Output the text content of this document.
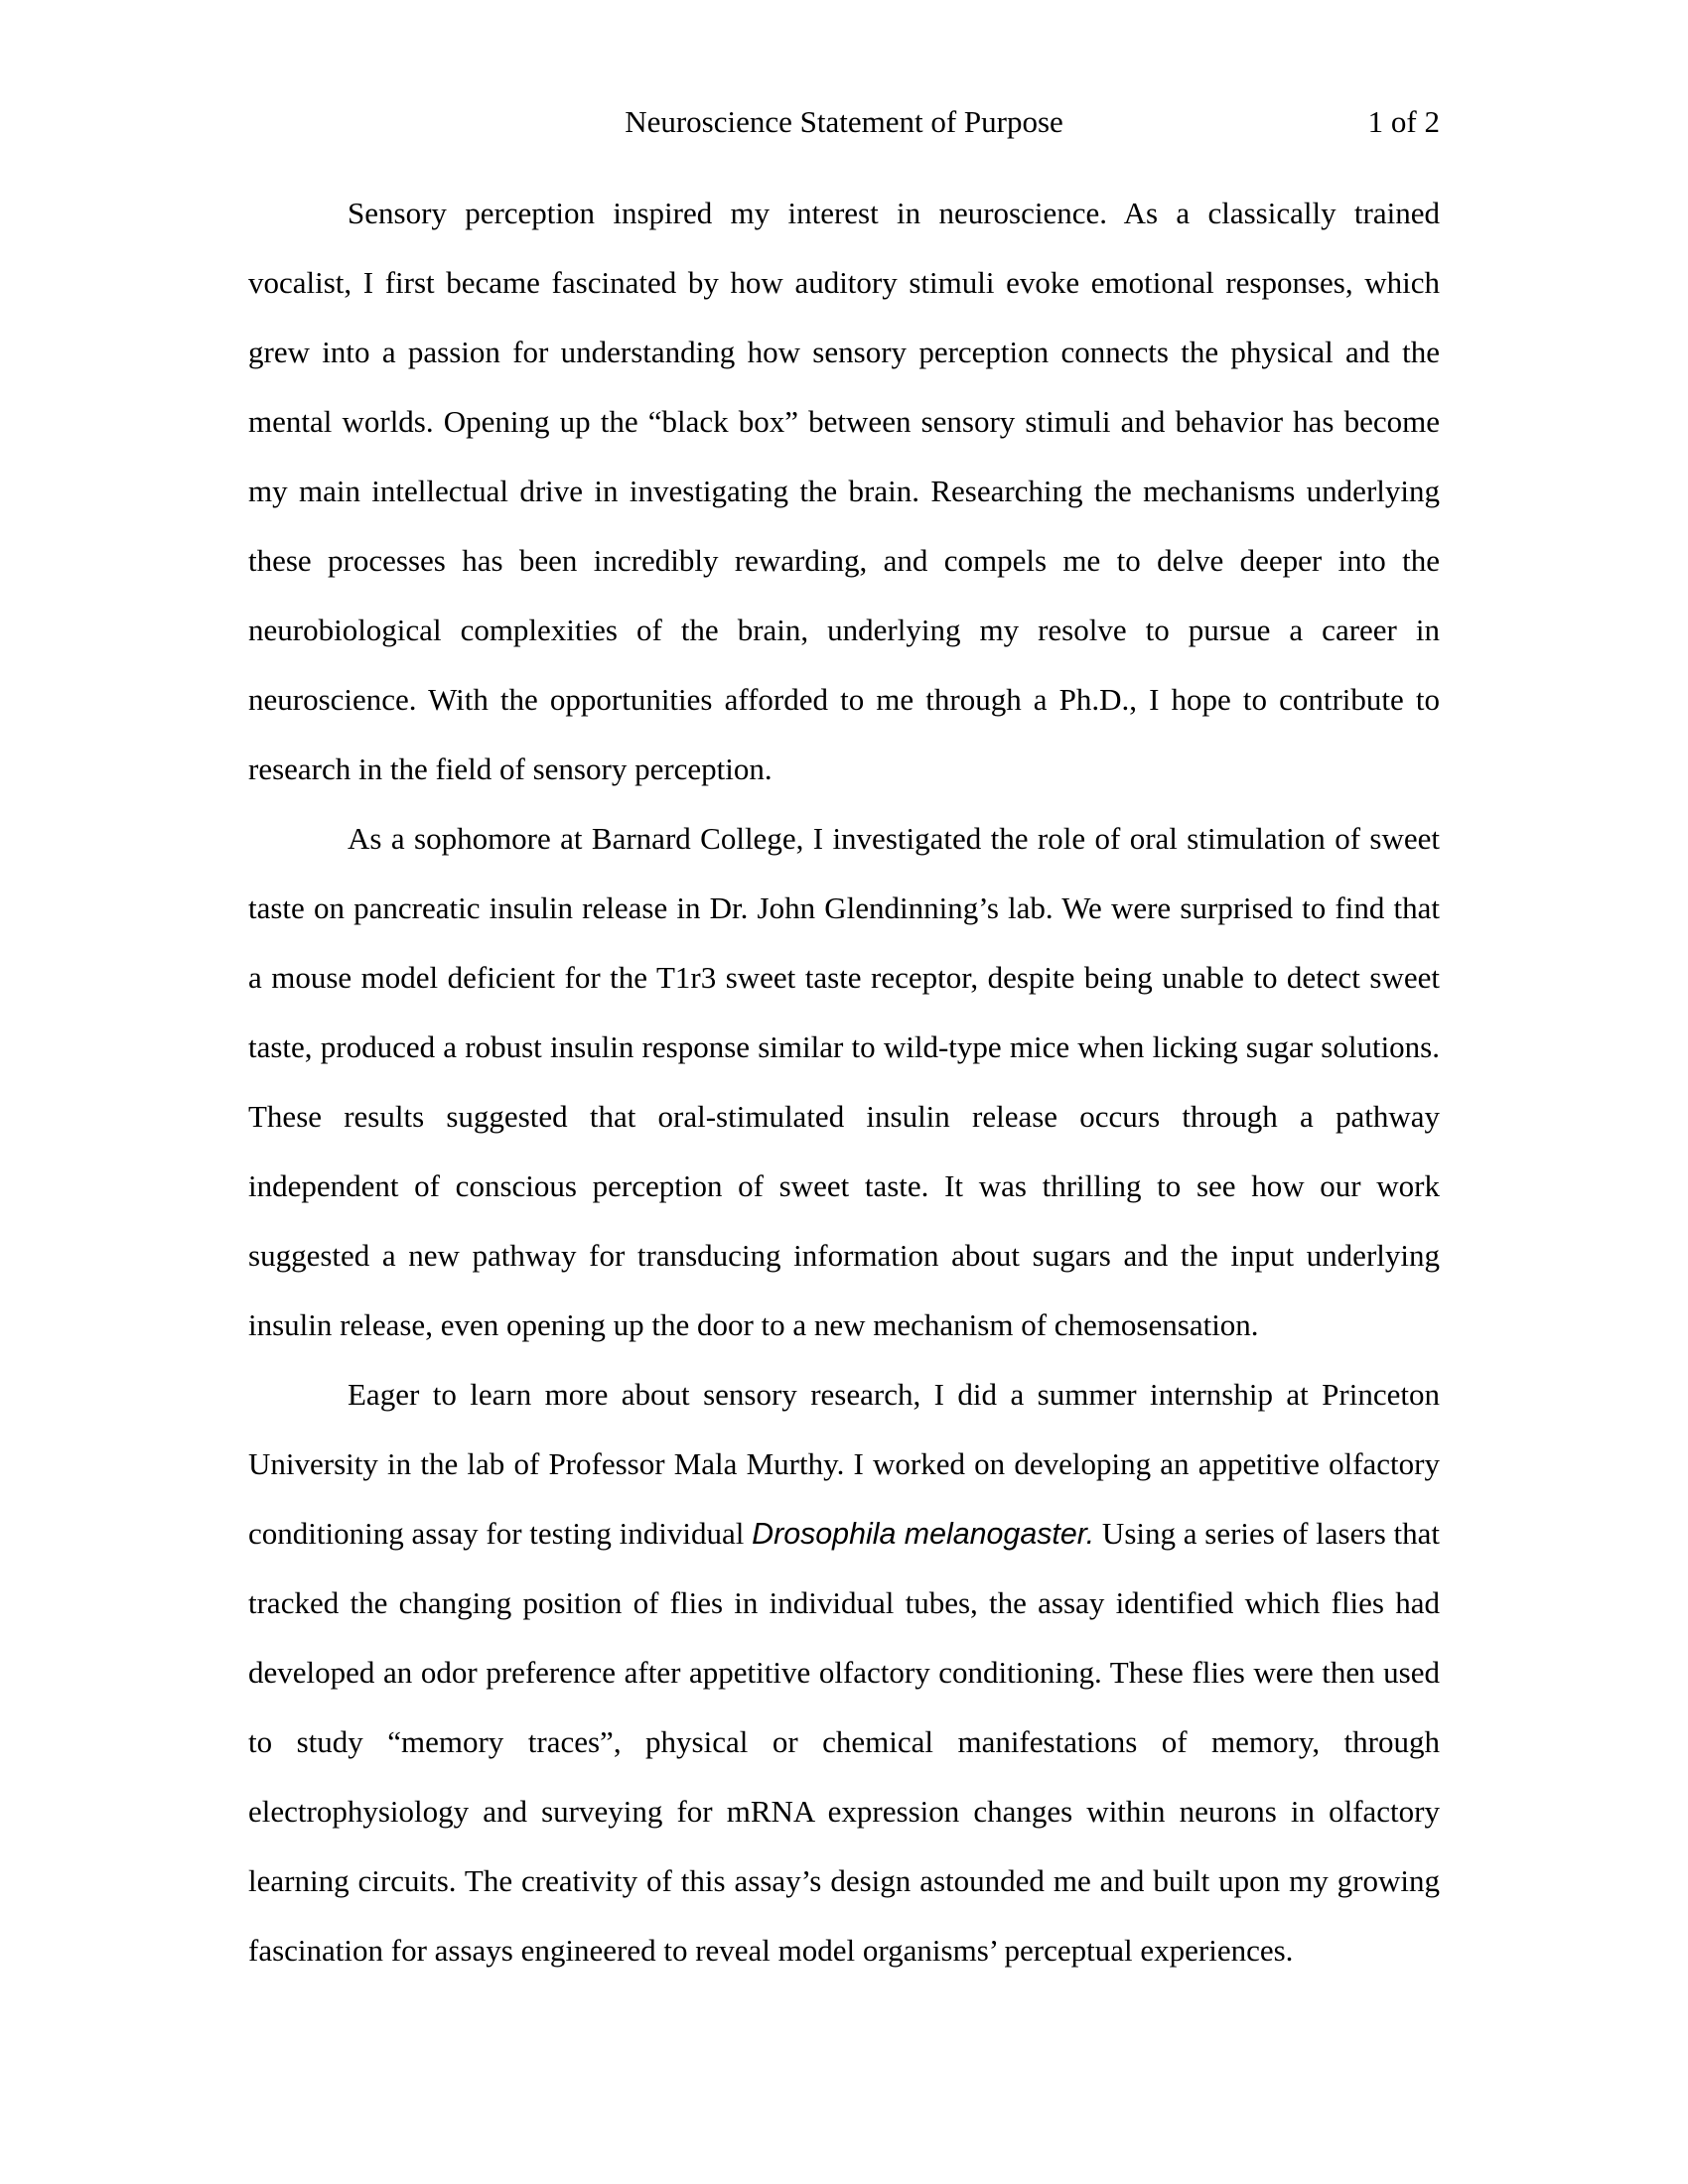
Neuroscience Statement of Purpose	1 of 2

Sensory perception inspired my interest in neuroscience. As a classically trained vocalist, I first became fascinated by how auditory stimuli evoke emotional responses, which grew into a passion for understanding how sensory perception connects the physical and the mental worlds. Opening up the “black box” between sensory stimuli and behavior has become my main intellectual drive in investigating the brain. Researching the mechanisms underlying these processes has been incredibly rewarding, and compels me to delve deeper into the neurobiological complexities of the brain, underlying my resolve to pursue a career in neuroscience. With the opportunities afforded to me through a Ph.D., I hope to contribute to research in the field of sensory perception.

As a sophomore at Barnard College, I investigated the role of oral stimulation of sweet taste on pancreatic insulin release in Dr. John Glendinning’s lab. We were surprised to find that a mouse model deficient for the T1r3 sweet taste receptor, despite being unable to detect sweet taste, produced a robust insulin response similar to wild-type mice when licking sugar solutions. These results suggested that oral-stimulated insulin release occurs through a pathway independent of conscious perception of sweet taste. It was thrilling to see how our work suggested a new pathway for transducing information about sugars and the input underlying insulin release, even opening up the door to a new mechanism of chemosensation.

Eager to learn more about sensory research, I did a summer internship at Princeton University in the lab of Professor Mala Murthy. I worked on developing an appetitive olfactory conditioning assay for testing individual Drosophila melanogaster. Using a series of lasers that tracked the changing position of flies in individual tubes, the assay identified which flies had developed an odor preference after appetitive olfactory conditioning. These flies were then used to study “memory traces”, physical or chemical manifestations of memory, through electrophysiology and surveying for mRNA expression changes within neurons in olfactory learning circuits. The creativity of this assay’s design astounded me and built upon my growing fascination for assays engineered to reveal model organisms’ perceptual experiences.
